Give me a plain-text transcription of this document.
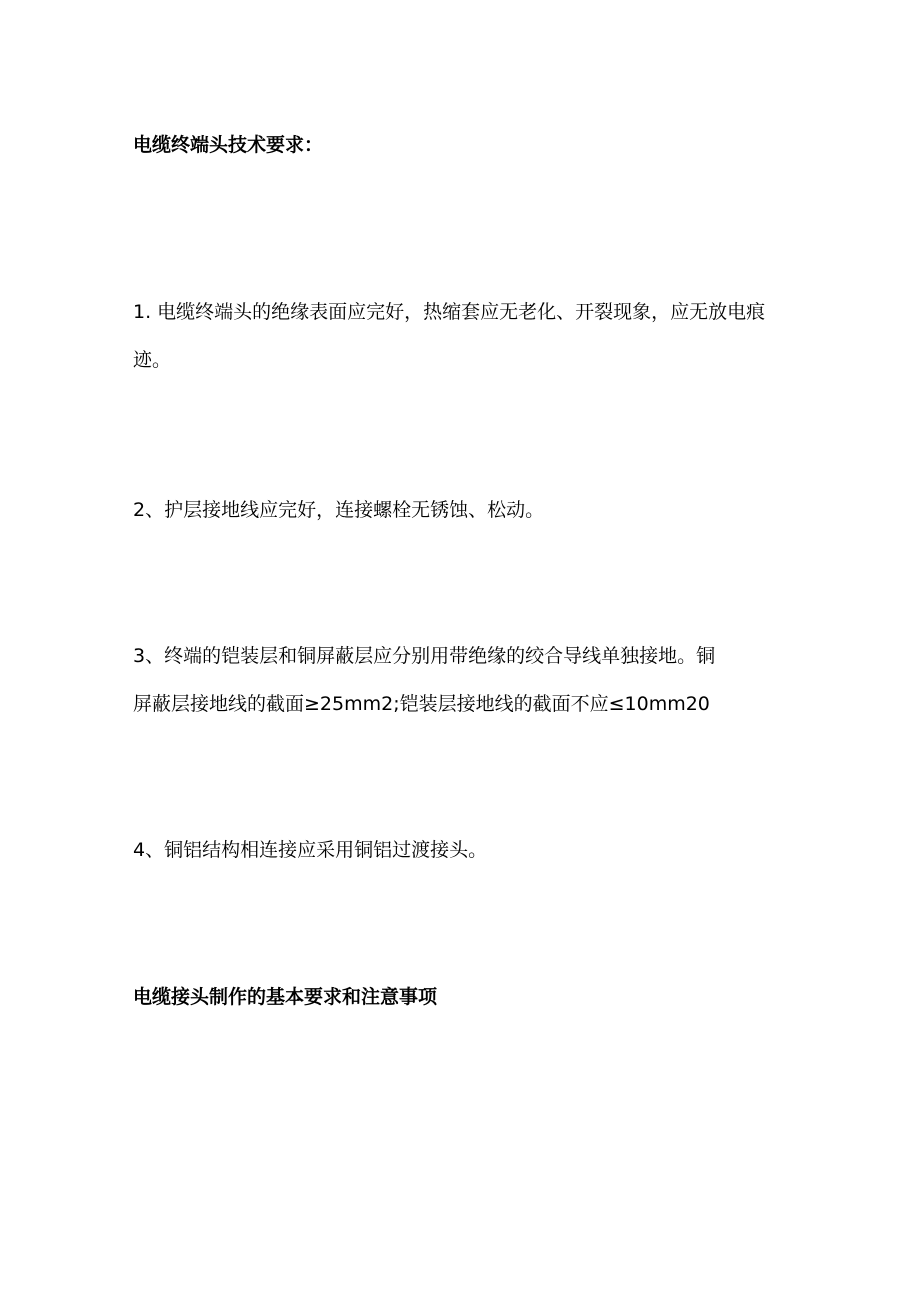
电缆终端头技术要求：
1. 电缆终端头的绝缘表面应完好，热缩套应无老化、开裂现象，应无放电痕
迹。
2、护层接地线应完好，连接螺栓无锈蚀、松动。
3、终端的铠装层和铜屏蔽层应分别用带绝缘的绞合导线单独接地。铜
屏蔽层接地线的截面≥25mm2;铠装层接地线的截面不应≤10mm20
4、铜铝结构相连接应采用铜铝过渡接头。
电缆接头制作的基本要求和注意事项
